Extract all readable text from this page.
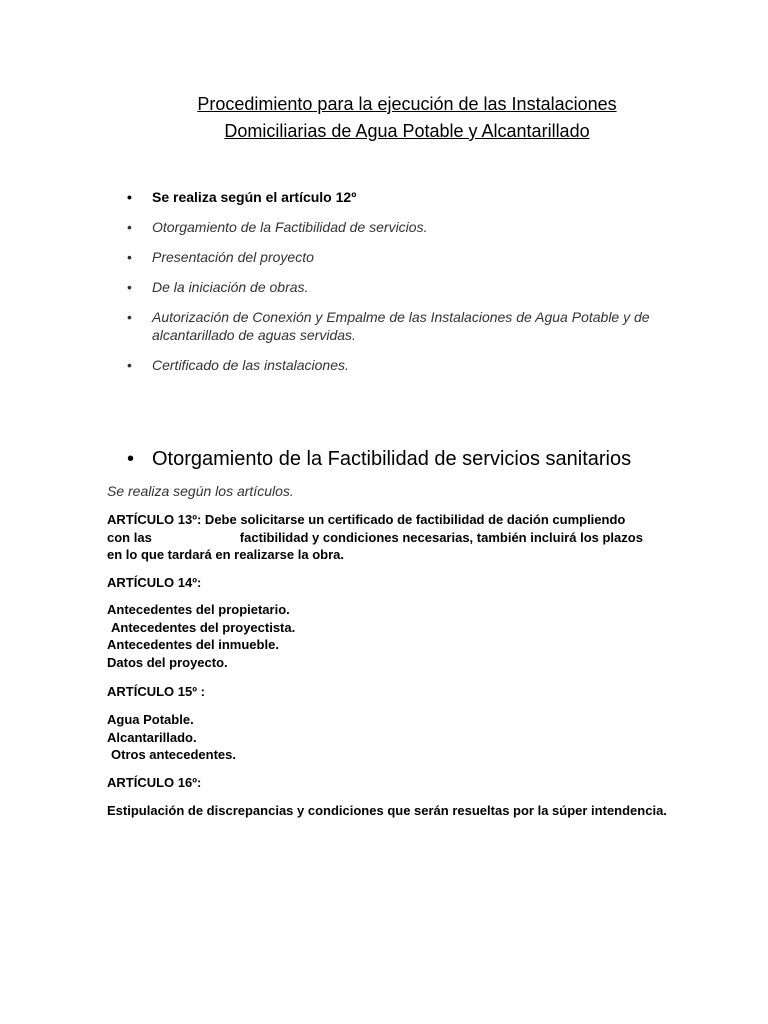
Procedimiento para la ejecución de las Instalaciones
Domiciliarias de Agua Potable y Alcantarillado
• Se realiza según el artículo 12º
• Otorgamiento de la Factibilidad de servicios.
• Presentación del proyecto
• De la iniciación de obras.
• Autorización de Conexión y Empalme de las Instalaciones de Agua Potable y de alcantarillado de aguas servidas.
• Certificado de las instalaciones.
• Otorgamiento de la Factibilidad de servicios sanitarios
Se realiza según los artículos.

ARTÍCULO 13º: Debe solicitarse un certificado de factibilidad de dación cumpliendo

con las	factibilidad y condiciones necesarias, también incluirá los plazos

en lo que tardará en realizarse la obra.

ARTÍCULO 14º:

Antecedentes del propietario.

Antecedentes del proyectista.

Antecedentes del inmueble.

Datos del proyecto.

ARTÍCULO 15º :

Agua Potable.

Alcantarillado.

Otros antecedentes.

ARTÍCULO 16º:
Estipulación de discrepancias y condiciones que serán resueltas por la súper intendencia.
